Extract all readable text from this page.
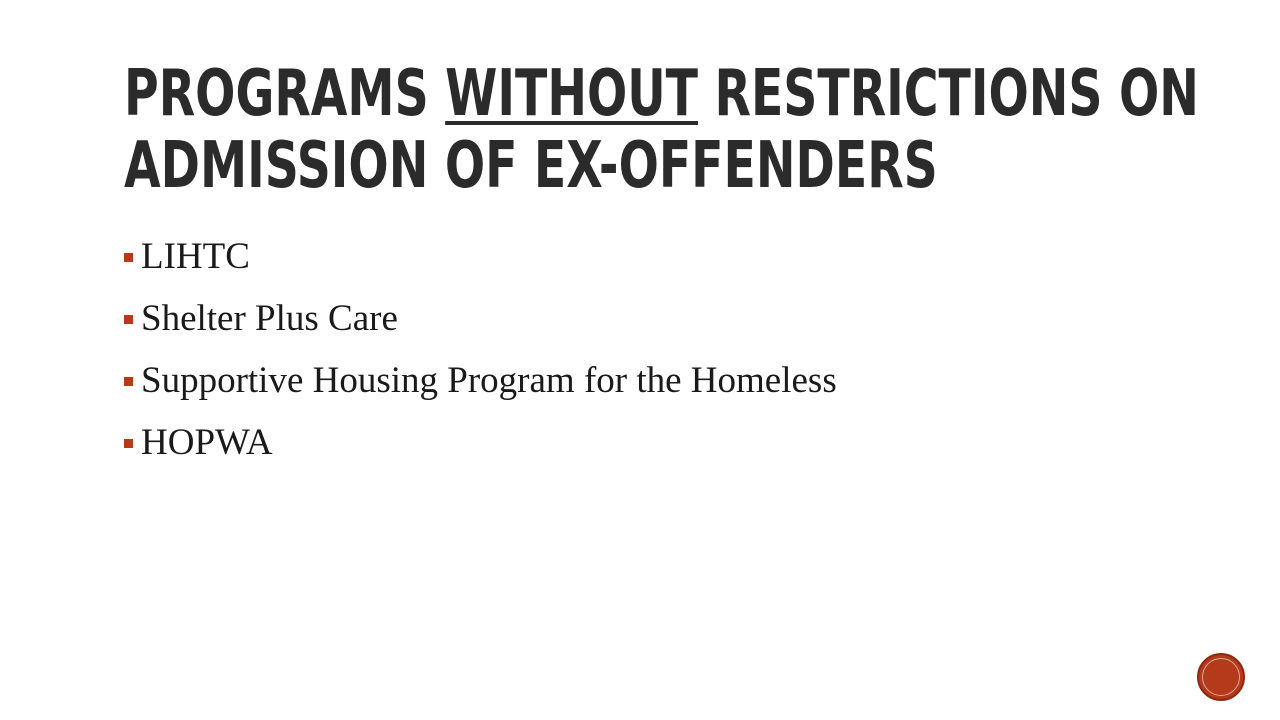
PROGRAMS WITHOUT RESTRICTIONS ON
ADMISSION OF EX-OFFENDERS
LIHTC
Shelter Plus Care
Supportive Housing Program for the Homeless
HOPWA
